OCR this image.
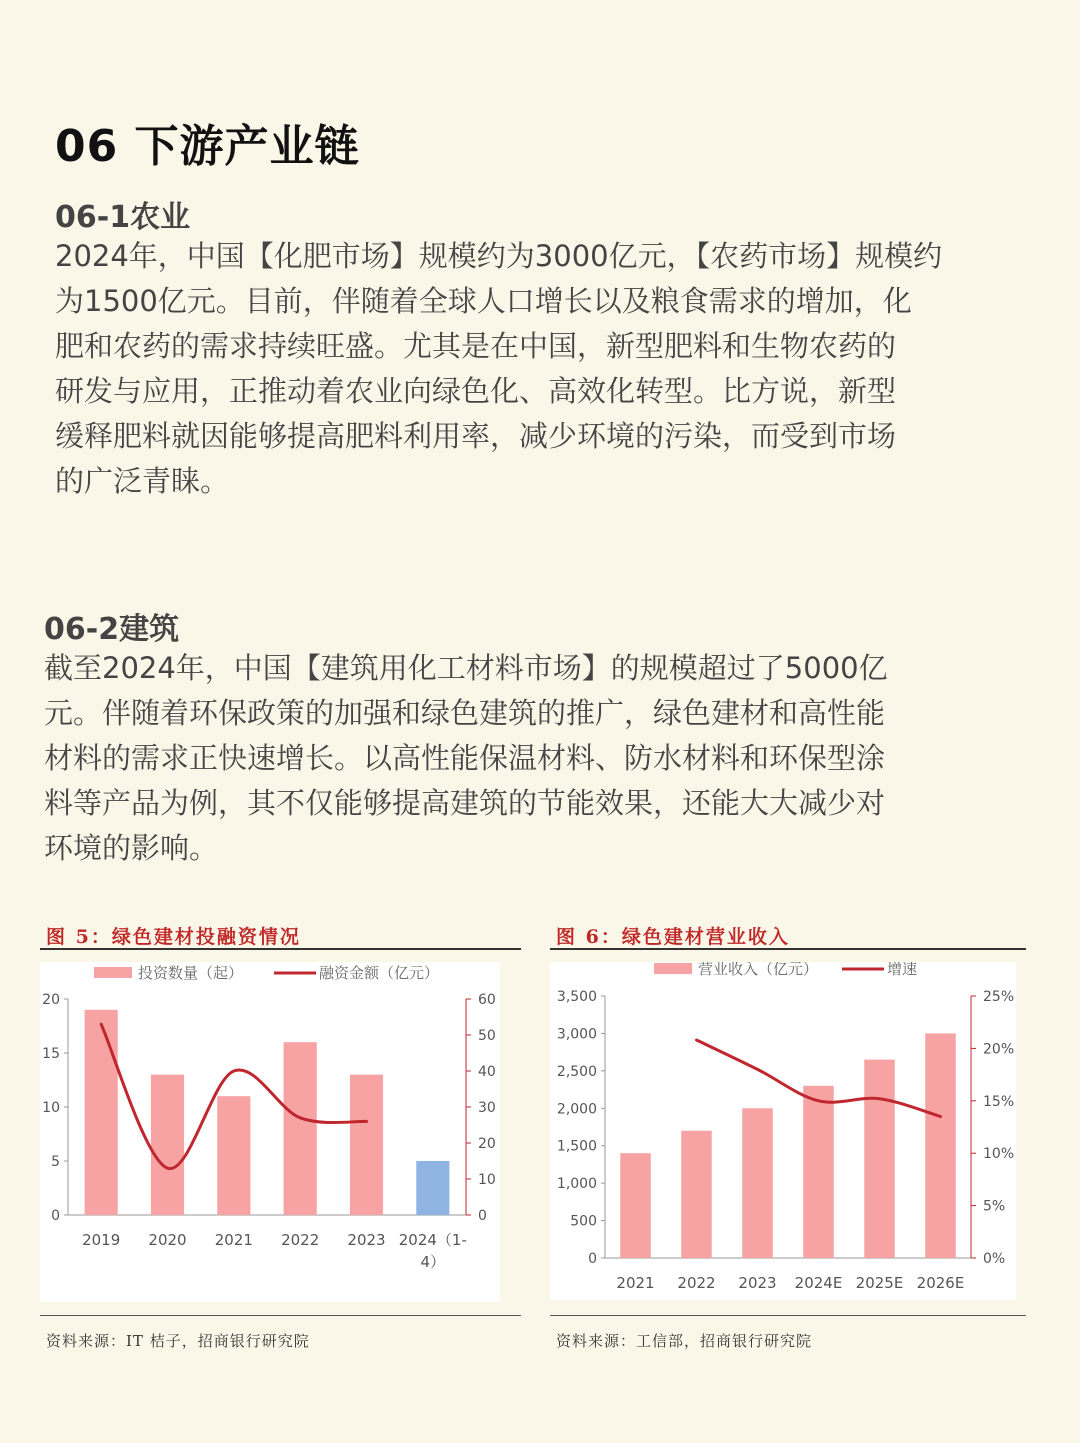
06 下游产业链
06-1农业
2024年，中国【化肥市场】规模约为3000亿元，【农药市场】规模约
为1500亿元。目前，伴随着全球人口增长以及粮食需求的增加，化
肥和农药的需求持续旺盛。尤其是在中国，新型肥料和生物农药的
研发与应用，正推动着农业向绿色化、高效化转型。比方说，新型
缓释肥料就因能够提高肥料利用率，减少环境的污染，而受到市场
的广泛青睐。
06-2建筑
截至2024年，中国【建筑用化工材料市场】的规模超过了5000亿
元。伴随着环保政策的加强和绿色建筑的推广，绿色建材和高性能
材料的需求正快速增长。以高性能保温材料、防水材料和环保型涂
料等产品为例，其不仅能够提高建筑的节能效果，还能大大减少对
环境的影响。
图 5：绿色建材投融资情况
投资数量（起）	融资金额（亿元）
0
5
10
15
20
0
10
20
30
40
50
60
2019 2020 2021 2022 2023 2024（1-
4）
资料来源：IT 桔子，招商银行研究院
图 6：绿色建材营业收入
营业收入（亿元）	增速
0
500
1,000
1,500
2,000
2,500
3,000
3,500
0%
5%
10%
15%
20%
25%
2021 2022 2023 2024E 2025E 2026E
资料来源：工信部，招商银行研究院
